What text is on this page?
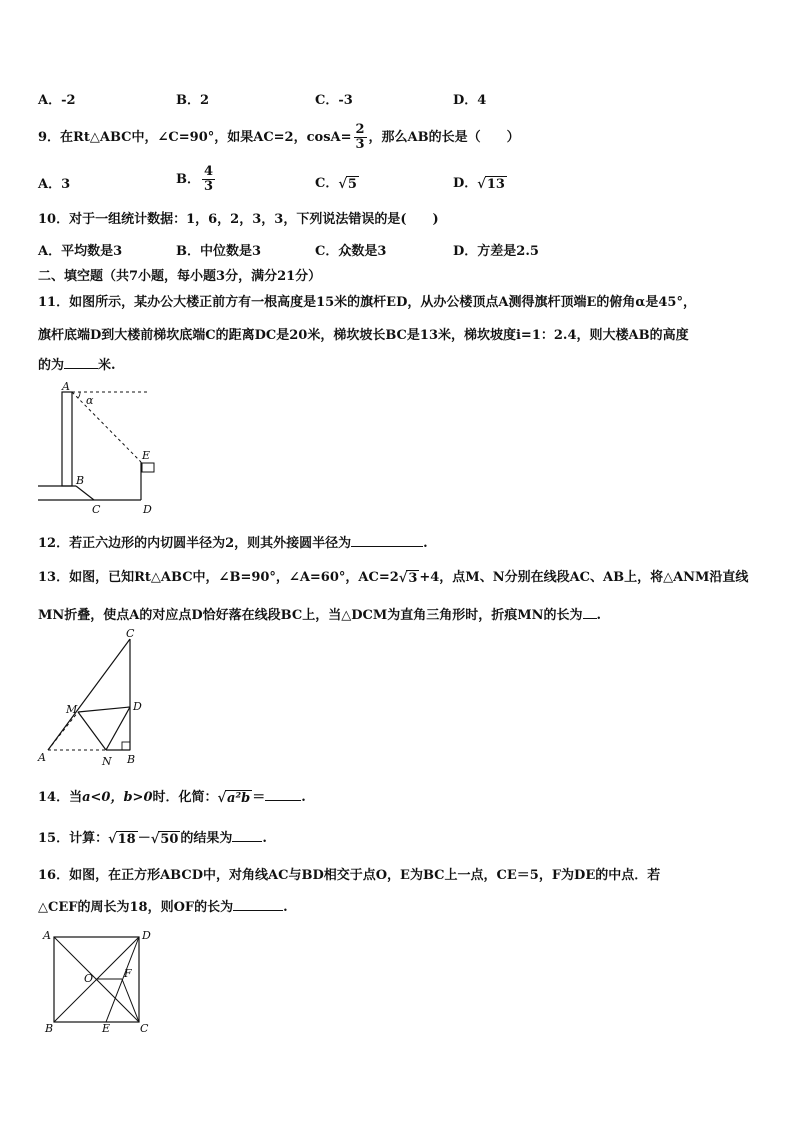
A．-2	B．2	C．-3	D．4
9．在Rt△ABC中，∠C=90°，如果AC=2，$\cos A= \frac{2}{3}$ ，那么AB的长是（　　）
A．3	B． $\frac{4}{3}$	C．√5	D．√13
10．对于一组统计数据：1，6，2，3，3，下列说法错误的是(　　)
A．平均数是3	B．中位数是3	C．众数是3	D．方差是2.5
二、填空题（共7小题，每小题3分，满分21分）
11．如图所示，某办公大楼正前方有一根高度是15米的旗杆ED，从办公楼顶点A测得旗杆顶端E的俯角α是45°，
旗杆底端D到大楼前梯坎底端C的距离DC是20米，梯坎坡长BC是13米，梯坎坡度i=1：2.4，则大楼AB的高度
的为	米.
A
α
E
B
C	D
12．若正六边形的内切圆半径为2，则其外接圆半径为	.
13．如图，已知Rt△ABC中，∠B=90°，∠A=60°，AC=2√3 +4，点M、N分别在线段AC、AB上，将△ANM沿直线
MN折叠，使点A的对应点D恰好落在线段BC上，当△DCM为直角三角形时，折痕MN的长为 .
C
M	D
A	N B
14．当a<0，b>0时．化简：√a²b ＝	.
15．计算：√18 －√50 的结果为 .
16．如图，在正方形ABCD中，对角线AC与BD相交于点O，E为BC上一点，CE＝5，F为DE的中点．若
△CEF的周长为18，则OF的长为	.
A	D
O	F
B	E	C
